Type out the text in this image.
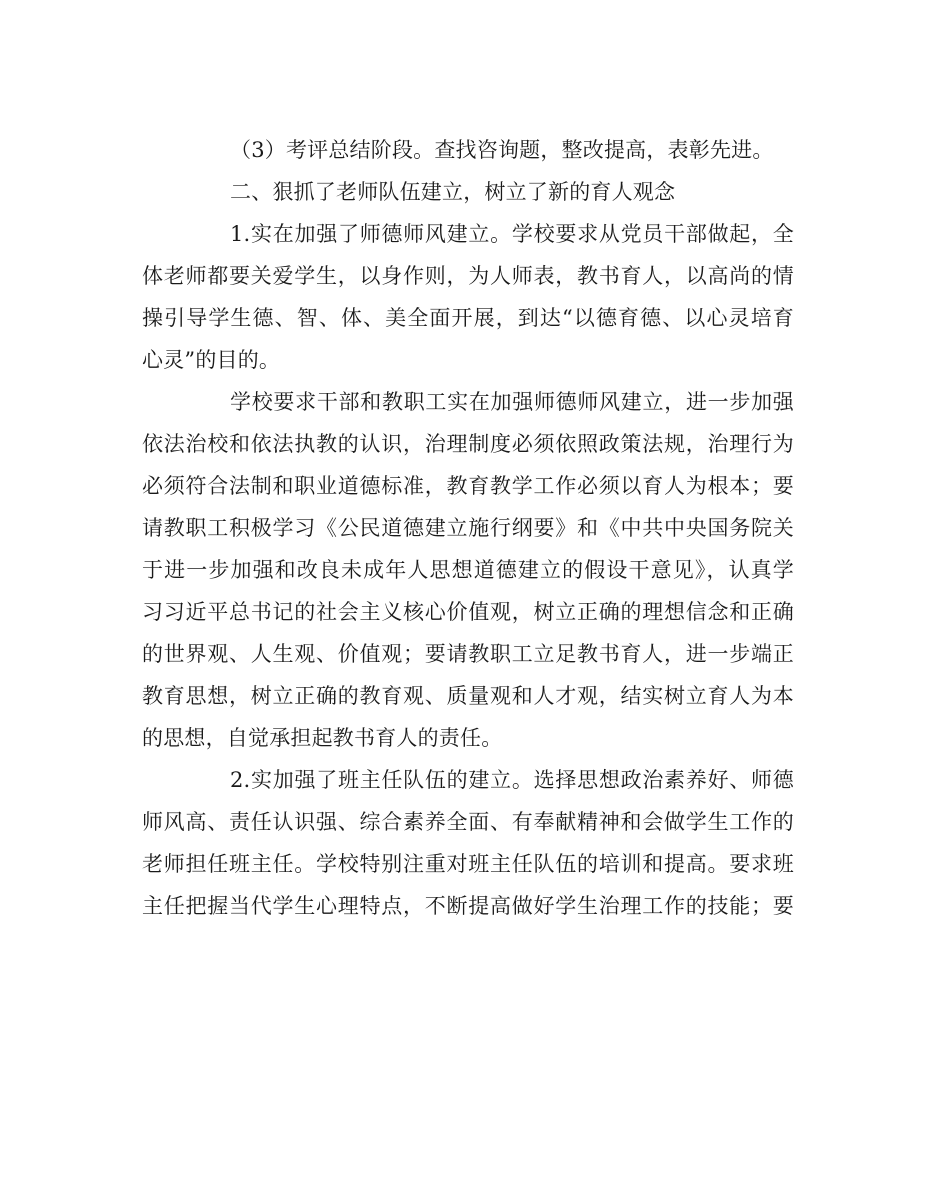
（3）考评总结阶段。查找咨询题，整改提高，表彰先进。

二、狠抓了老师队伍建立，树立了新的育人观念

1.实在加强了师德师风建立。学校要求从党员干部做起，全
体老师都要关爱学生，以身作则，为人师表，教书育人，以高尚的情
操引导学生德、智、体、美全面开展，到达“以德育德、以心灵培育
心灵”的目的。

学校要求干部和教职工实在加强师德师风建立，进一步加强
依法治校和依法执教的认识，治理制度必须依照政策法规，治理行为
必须符合法制和职业道德标准，教育教学工作必须以育人为根本；要
请教职工积极学习《公民道德建立施行纲要》和《中共中央国务院关
于进一步加强和改良未成年人思想道德建立的假设干意见》，认真学
习习近平总书记的社会主义核心价值观，树立正确的理想信念和正确
的世界观、人生观、价值观；要请教职工立足教书育人，进一步端正
教育思想，树立正确的教育观、质量观和人才观，结实树立育人为本
的思想，自觉承担起教书育人的责任。

2.实加强了班主任队伍的建立。选择思想政治素养好、师德
师风高、责任认识强、综合素养全面、有奉献精神和会做学生工作的
老师担任班主任。学校特别注重对班主任队伍的培训和提高。要求班
主任把握当代学生心理特点，不断提高做好学生治理工作的技能；要
